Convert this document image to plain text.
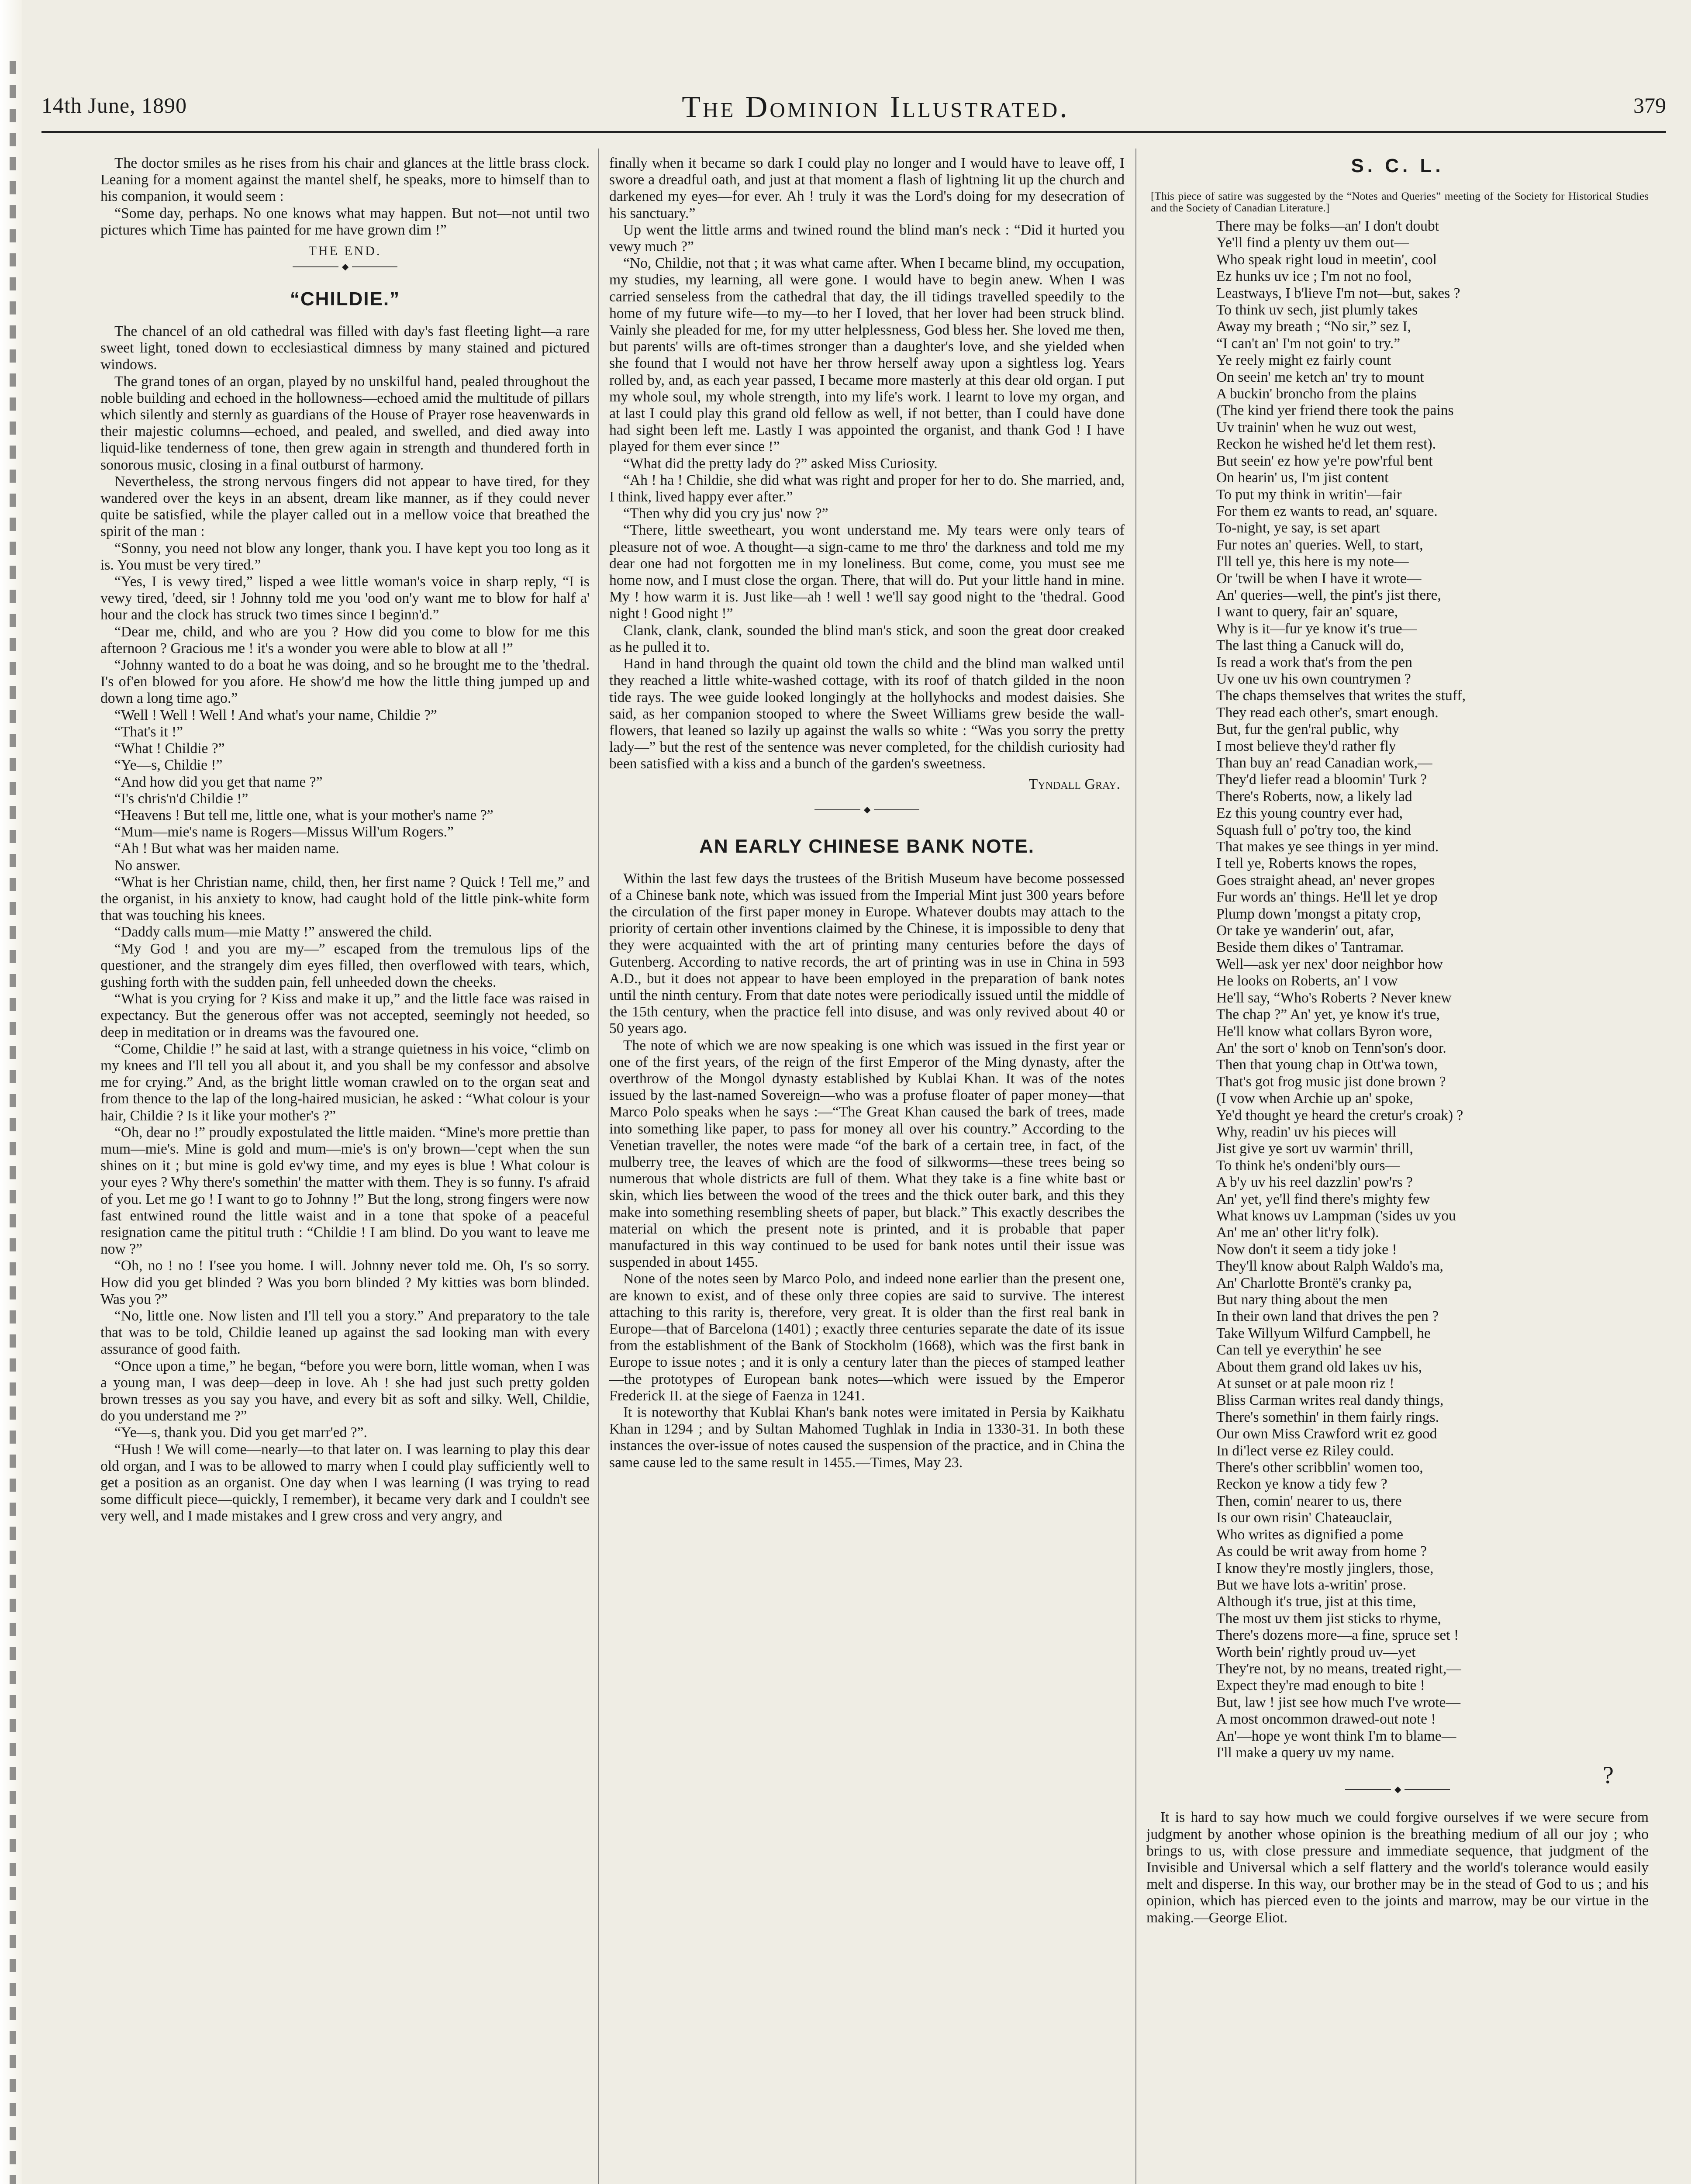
14th June, 1890	The Dominion Illustrated.	379

The doctor smiles as he rises from his chair and glances at the little brass clock. Leaning for a moment against the mantel shelf, he speaks, more to himself than to his companion, it would seem :

“Some day, perhaps. No one knows what may happen. But not—not until two pictures which Time has painted for me have grown dim !”

THE END.
◆
“CHILDIE.”

The chancel of an old cathedral was filled with day's fast fleeting light—a rare sweet light, toned down to ecclesiastical dimness by many stained and pictured windows.

The grand tones of an organ, played by no unskilful hand, pealed throughout the noble building and echoed in the hollowness—echoed amid the multitude of pillars which silently and sternly as guardians of the House of Prayer rose heavenwards in their majestic columns—echoed, and pealed, and swelled, and died away into liquid-like tenderness of tone, then grew again in strength and thundered forth in sonorous music, closing in a final outburst of harmony.

Nevertheless, the strong nervous fingers did not appear to have tired, for they wandered over the keys in an absent, dream like manner, as if they could never quite be satisfied, while the player called out in a mellow voice that breathed the spirit of the man :

“Sonny, you need not blow any longer, thank you. I have kept you too long as it is. You must be very tired.”

“Yes, I is vewy tired,” lisped a wee little woman's voice in sharp reply, “I is vewy tired, 'deed, sir ! Johnny told me you 'ood on'y want me to blow for half a' hour and the clock has struck two times since I beginn'd.”

“Dear me, child, and who are you ? How did you come to blow for me this afternoon ? Gracious me ! it's a wonder you were able to blow at all !”

“Johnny wanted to do a boat he was doing, and so he brought me to the 'thedral. I's of'en blowed for you afore. He show'd me how the little thing jumped up and down a long time ago.”

“Well ! Well ! Well ! And what's your name, Childie ?”

“That's it !”

“What ! Childie ?”

“Ye—s, Childie !”

“And how did you get that name ?”

“I's chris'n'd Childie !”

“Heavens ! But tell me, little one, what is your mother's name ?”

“Mum—mie's name is Rogers—Missus Will'um Rogers.”

“Ah ! But what was her maiden name.

No answer.

“What is her Christian name, child, then, her first name ? Quick ! Tell me,” and the organist, in his anxiety to know, had caught hold of the little pink-white form that was touching his knees.

“Daddy calls mum—mie Matty !” answered the child.

“My God ! and you are my—” escaped from the tremulous lips of the questioner, and the strangely dim eyes filled, then overflowed with tears, which, gushing forth with the sudden pain, fell unheeded down the cheeks.

“What is you crying for ? Kiss and make it up,” and the little face was raised in expectancy. But the generous offer was not accepted, seemingly not heeded, so deep in meditation or in dreams was the favoured one.

“Come, Childie !” he said at last, with a strange quietness in his voice, “climb on my knees and I'll tell you all about it, and you shall be my confessor and absolve me for crying.” And, as the bright little woman crawled on to the organ seat and from thence to the lap of the long-haired musician, he asked : “What colour is your hair, Childie ? Is it like your mother's ?”

“Oh, dear no !” proudly expostulated the little maiden. “Mine's more prettie than mum—mie's. Mine is gold and mum—mie's is on'y brown—'cept when the sun shines on it ; but mine is gold ev'wy time, and my eyes is blue ! What colour is your eyes ? Why there's somethin' the matter with them. They is so funny. I's afraid of you. Let me go ! I want to go to Johnny !” But the long, strong fingers were now fast entwined round the little waist and in a tone that spoke of a peaceful resignation came the pititul truth : “Childie ! I am blind. Do you want to leave me now ?”

“Oh, no ! no ! I'see you home. I will. Johnny never told me. Oh, I's so sorry. How did you get blinded ? Was you born blinded ? My kitties was born blinded. Was you ?”

“No, little one. Now listen and I'll tell you a story.” And preparatory to the tale that was to be told, Childie leaned up against the sad looking man with every assurance of good faith.

“Once upon a time,” he began, “before you were born, little woman, when I was a young man, I was deep—deep in love. Ah ! she had just such pretty golden brown tresses as you say you have, and every bit as soft and silky. Well, Childie, do you understand me ?”

“Ye—s, thank you. Did you get marr'ed ?”.

“Hush ! We will come—nearly—to that later on. I was learning to play this dear old organ, and I was to be allowed to marry when I could play sufficiently well to get a position as an organist. One day when I was learning (I was trying to read some difficult piece—quickly, I remember), it became very dark and I couldn't see very well, and I made mistakes and I grew cross and very angry, and

finally when it became so dark I could play no longer and I would have to leave off, I swore a dreadful oath, and just at that moment a flash of lightning lit up the church and darkened my eyes—for ever. Ah ! truly it was the Lord's doing for my desecration of his sanctuary.”

Up went the little arms and twined round the blind man's neck : “Did it hurted you vewy much ?”

“No, Childie, not that ; it was what came after. When I became blind, my occupation, my studies, my learning, all were gone. I would have to begin anew. When I was carried senseless from the cathedral that day, the ill tidings travelled speedily to the home of my future wife—to my—to her I loved, that her lover had been struck blind. Vainly she pleaded for me, for my utter helplessness, God bless her. She loved me then, but parents' wills are oft-times stronger than a daughter's love, and she yielded when she found that I would not have her throw herself away upon a sightless log. Years rolled by, and, as each year passed, I became more masterly at this dear old organ. I put my whole soul, my whole strength, into my life's work. I learnt to love my organ, and at last I could play this grand old fellow as well, if not better, than I could have done had sight been left me. Lastly I was appointed the organist, and thank God ! I have played for them ever since !”

“What did the pretty lady do ?” asked Miss Curiosity.

“Ah ! ha ! Childie, she did what was right and proper for her to do. She married, and, I think, lived happy ever after.”

“Then why did you cry jus' now ?”

“There, little sweetheart, you wont understand me. My tears were only tears of pleasure not of woe. A thought—a sign-came to me thro' the darkness and told me my dear one had not forgotten me in my loneliness. But come, come, you must see me home now, and I must close the organ. There, that will do. Put your little hand in mine. My ! how warm it is. Just like—ah ! well ! we'll say good night to the 'thedral. Good night ! Good night !”

Clank, clank, clank, sounded the blind man's stick, and soon the great door creaked as he pulled it to.

Hand in hand through the quaint old town the child and the blind man walked until they reached a little white-washed cottage, with its roof of thatch gilded in the noon tide rays. The wee guide looked longingly at the hollyhocks and modest daisies. She said, as her companion stooped to where the Sweet Williams grew beside the wall-flowers, that leaned so lazily up against the walls so white : “Was you sorry the pretty lady—” but the rest of the sentence was never completed, for the childish curiosity had been satisfied with a kiss and a bunch of the garden's sweetness.

Tyndall Gray.
◆
AN EARLY CHINESE BANK NOTE.

Within the last few days the trustees of the British Museum have become possessed of a Chinese bank note, which was issued from the Imperial Mint just 300 years before the circulation of the first paper money in Europe. Whatever doubts may attach to the priority of certain other inventions claimed by the Chinese, it is impossible to deny that they were acquainted with the art of printing many centuries before the days of Gutenberg. According to native records, the art of printing was in use in China in 593 A.D., but it does not appear to have been employed in the preparation of bank notes until the ninth century. From that date notes were periodically issued until the middle of the 15th century, when the practice fell into disuse, and was only revived about 40 or 50 years ago.

The note of which we are now speaking is one which was issued in the first year or one of the first years, of the reign of the first Emperor of the Ming dynasty, after the overthrow of the Mongol dynasty established by Kublai Khan. It was of the notes issued by the last-named Sovereign—who was a profuse floater of paper money—that Marco Polo speaks when he says :—“The Great Khan caused the bark of trees, made into something like paper, to pass for money all over his country.” According to the Venetian traveller, the notes were made “of the bark of a certain tree, in fact, of the mulberry tree, the leaves of which are the food of silkworms—these trees being so numerous that whole districts are full of them. What they take is a fine white bast or skin, which lies between the wood of the trees and the thick outer bark, and this they make into something resembling sheets of paper, but black.” This exactly describes the material on which the present note is printed, and it is probable that paper manufactured in this way continued to be used for bank notes until their issue was suspended in about 1455.

None of the notes seen by Marco Polo, and indeed none earlier than the present one, are known to exist, and of these only three copies are said to survive. The interest attaching to this rarity is, therefore, very great. It is older than the first real bank in Europe—that of Barcelona (1401) ; exactly three centuries separate the date of its issue from the establishment of the Bank of Stockholm (1668), which was the first bank in Europe to issue notes ; and it is only a century later than the pieces of stamped leather—the prototypes of European bank notes—which were issued by the Emperor Frederick II. at the siege of Faenza in 1241.

It is noteworthy that Kublai Khan's bank notes were imitated in Persia by Kaikhatu Khan in 1294 ; and by Sultan Mahomed Tughlak in India in 1330-31. In both these instances the over-issue of notes caused the suspension of the practice, and in China the same cause led to the same result in 1455.—Times, May 23.

S. C. L.
[This piece of satire was suggested by the “Notes and Queries” meeting of the Society for Historical Studies and the Society of Canadian Literature.]
There may be folks—an' I don't doubt
Ye'll find a plenty uv them out—
Who speak right loud in meetin', cool
Ez hunks uv ice ; I'm not no fool,
Leastways, I b'lieve I'm not—but, sakes ?
To think uv sech, jist plumly takes
Away my breath ; “No sir,” sez I,
“I can't an' I'm not goin' to try.”
Ye reely might ez fairly count
On seein' me ketch an' try to mount
A buckin' broncho from the plains
(The kind yer friend there took the pains
Uv trainin' when he wuz out west,
Reckon he wished he'd let them rest).
But seein' ez how ye're pow'rful bent
On hearin' us, I'm jist content
To put my think in writin'—fair
For them ez wants to read, an' square.
To-night, ye say, is set apart
Fur notes an' queries. Well, to start,
I'll tell ye, this here is my note—
Or 'twill be when I have it wrote—
An' queries—well, the pint's jist there,
I want to query, fair an' square,
Why is it—fur ye know it's true—
The last thing a Canuck will do,
Is read a work that's from the pen
Uv one uv his own countrymen ?
The chaps themselves that writes the stuff,
They read each other's, smart enough.
But, fur the gen'ral public, why
I most believe they'd rather fly
Than buy an' read Canadian work,—
They'd liefer read a bloomin' Turk ?
There's Roberts, now, a likely lad
Ez this young country ever had,
Squash full o' po'try too, the kind
That makes ye see things in yer mind.
I tell ye, Roberts knows the ropes,
Goes straight ahead, an' never gropes
Fur words an' things. He'll let ye drop
Plump down 'mongst a pitaty crop,
Or take ye wanderin' out, afar,
Beside them dikes o' Tantramar.
Well—ask yer nex' door neighbor how
He looks on Roberts, an' I vow
He'll say, “Who's Roberts ? Never knew
The chap ?” An' yet, ye know it's true,
He'll know what collars Byron wore,
An' the sort o' knob on Tenn'son's door.
Then that young chap in Ott'wa town,
That's got frog music jist done brown ?
(I vow when Archie up an' spoke,
Ye'd thought ye heard the cretur's croak) ?
Why, readin' uv his pieces will
Jist give ye sort uv warmin' thrill,
To think he's ondeni'bly ours—
A b'y uv his reel dazzlin' pow'rs ?
An' yet, ye'll find there's mighty few
What knows uv Lampman ('sides uv you
An' me an' other lit'ry folk).
Now don't it seem a tidy joke !
They'll know about Ralph Waldo's ma,
An' Charlotte Brontë's cranky pa,
But nary thing about the men
In their own land that drives the pen ?
Take Willyum Wilfurd Campbell, he
Can tell ye everythin' he see
About them grand old lakes uv his,
At sunset or at pale moon riz !
Bliss Carman writes real dandy things,
There's somethin' in them fairly rings.
Our own Miss Crawford writ ez good
In di'lect verse ez Riley could.
There's other scribblin' women too,
Reckon ye know a tidy few ?
Then, comin' nearer to us, there
Is our own risin' Chateauclair,
Who writes as dignified a pome
As could be writ away from home ?
I know they're mostly jinglers, those,
But we have lots a-writin' prose.
Although it's true, jist at this time,
The most uv them jist sticks to rhyme,
There's dozens more—a fine, spruce set !
Worth bein' rightly proud uv—yet
They're not, by no means, treated right,—
Expect they're mad enough to bite !
But, law ! jist see how much I've wrote—
A most oncommon drawed-out note !
An'—hope ye wont think I'm to blame—
I'll make a query uv my name.
?
◆

It is hard to say how much we could forgive ourselves if we were secure from judgment by another whose opinion is the breathing medium of all our joy ; who brings to us, with close pressure and immediate sequence, that judgment of the Invisible and Universal which a self flattery and the world's tolerance would easily melt and disperse. In this way, our brother may be in the stead of God to us ; and his opinion, which has pierced even to the joints and marrow, may be our virtue in the making.—George Eliot.
